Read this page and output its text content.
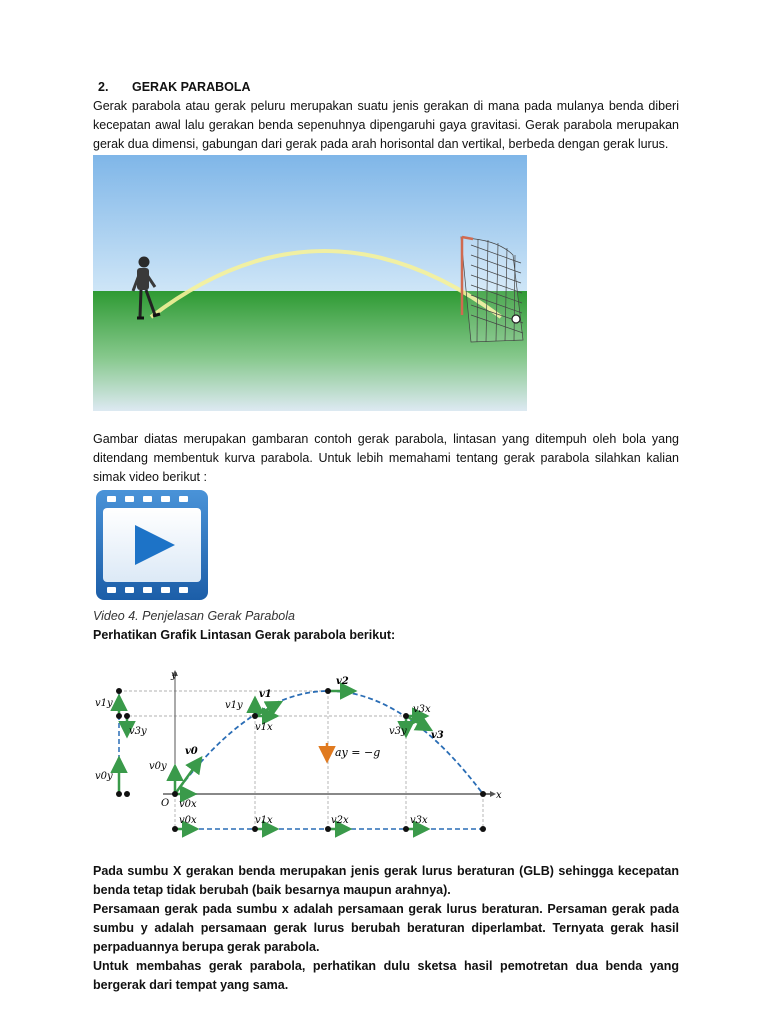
2. GERAK PARABOLA
Gerak parabola atau gerak peluru merupakan suatu jenis gerakan di mana pada mulanya benda diberi kecepatan awal lalu gerakan benda sepenuhnya dipengaruhi gaya gravitasi. Gerak parabola merupakan gerak dua dimensi, gabungan dari gerak pada arah horisontal dan vertikal, berbeda dengan gerak lurus.
Gambar diatas merupakan gambaran contoh gerak parabola, lintasan yang ditempuh oleh bola yang ditendang membentuk kurva parabola. Untuk lebih memahami tentang gerak parabola silahkan kalian simak video berikut :
Video 4. Penjelasan Gerak Parabola
Perhatikan Grafik Lintasan Gerak parabola berikut:
y
x
O
v0x	v1x	v2x	v3x
v1y
v3y
v0y
v0
v0y
v0x
v1
v1y
v1x
v2
v3x
v3
v3y
ay = −g

Pada sumbu X gerakan benda merupakan jenis gerak lurus beraturan (GLB) sehingga kecepatan benda tetap tidak berubah (baik besarnya maupun arahnya).

Persamaan gerak pada sumbu x adalah persamaan gerak lurus beraturan. Persaman gerak pada sumbu y adalah persamaan gerak lurus berubah beraturan diperlambat. Ternyata gerak hasil perpaduannya berupa gerak parabola.

Untuk membahas gerak parabola, perhatikan dulu sketsa hasil pemotretan dua benda yang bergerak dari tempat yang sama.
